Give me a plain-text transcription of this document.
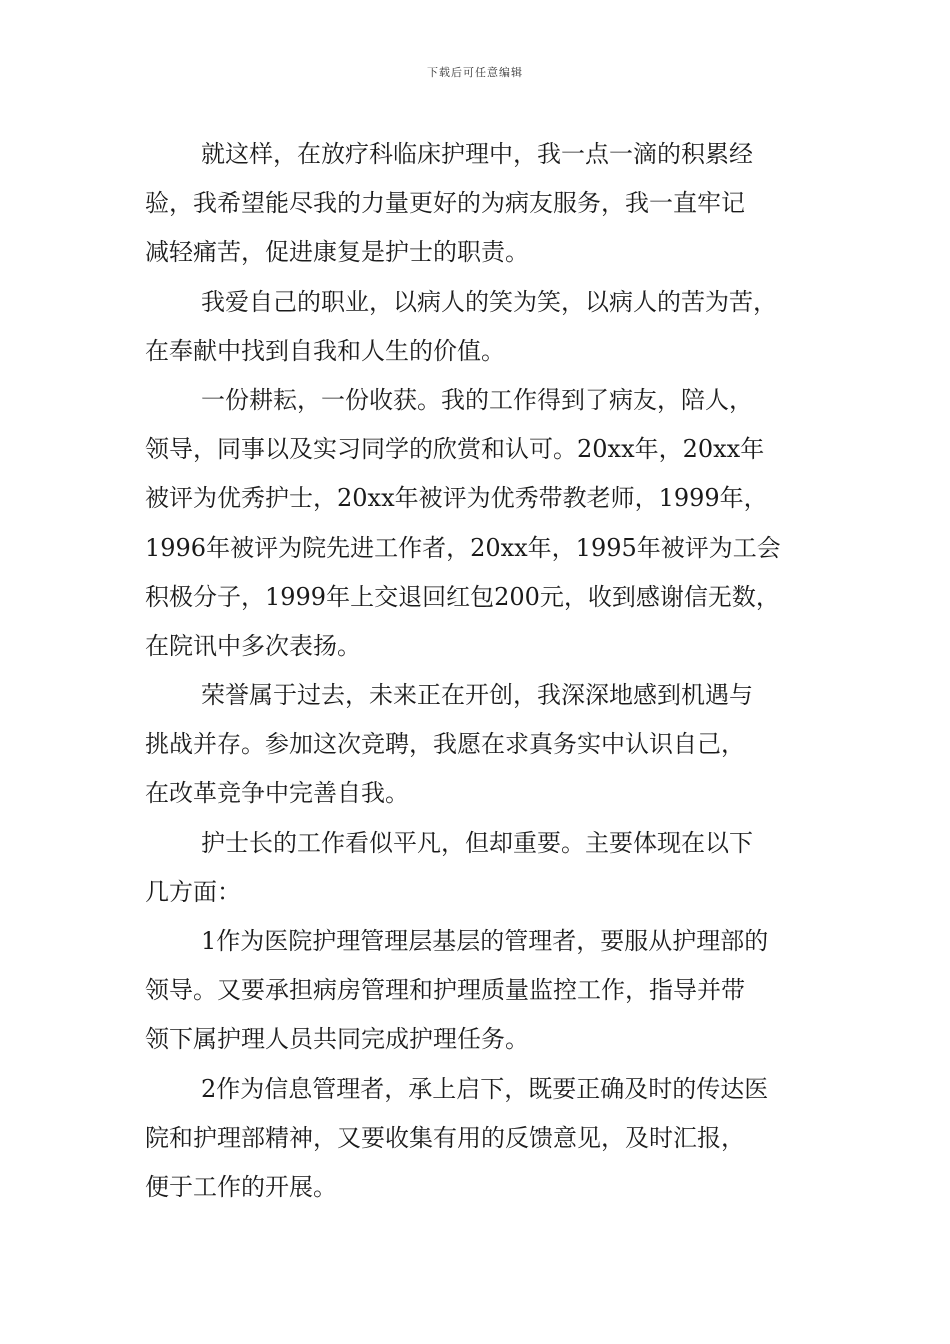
下载后可任意编辑
就这样，在放疗科临床护理中，我一点一滴的积累经
验，我希望能尽我的力量更好的为病友服务，我一直牢记
减轻痛苦，促进康复是护士的职责。
我爱自己的职业，以病人的笑为笑，以病人的苦为苦，
在奉献中找到自我和人生的价值。
一份耕耘，一份收获。我的工作得到了病友，陪人，
领导，同事以及实习同学的欣赏和认可。20xx年，20xx年
被评为优秀护士，20xx年被评为优秀带教老师，1999年，
1996年被评为院先进工作者，20xx年，1995年被评为工会
积极分子，1999年上交退回红包200元，收到感谢信无数，
在院讯中多次表扬。
荣誉属于过去，未来正在开创，我深深地感到机遇与
挑战并存。参加这次竞聘，我愿在求真务实中认识自己，
在改革竞争中完善自我。
护士长的工作看似平凡，但却重要。主要体现在以下
几方面：
1作为医院护理管理层基层的管理者，要服从护理部的
领导。又要承担病房管理和护理质量监控工作，指导并带
领下属护理人员共同完成护理任务。
2作为信息管理者，承上启下，既要正确及时的传达医
院和护理部精神，又要收集有用的反馈意见，及时汇报，
便于工作的开展。
